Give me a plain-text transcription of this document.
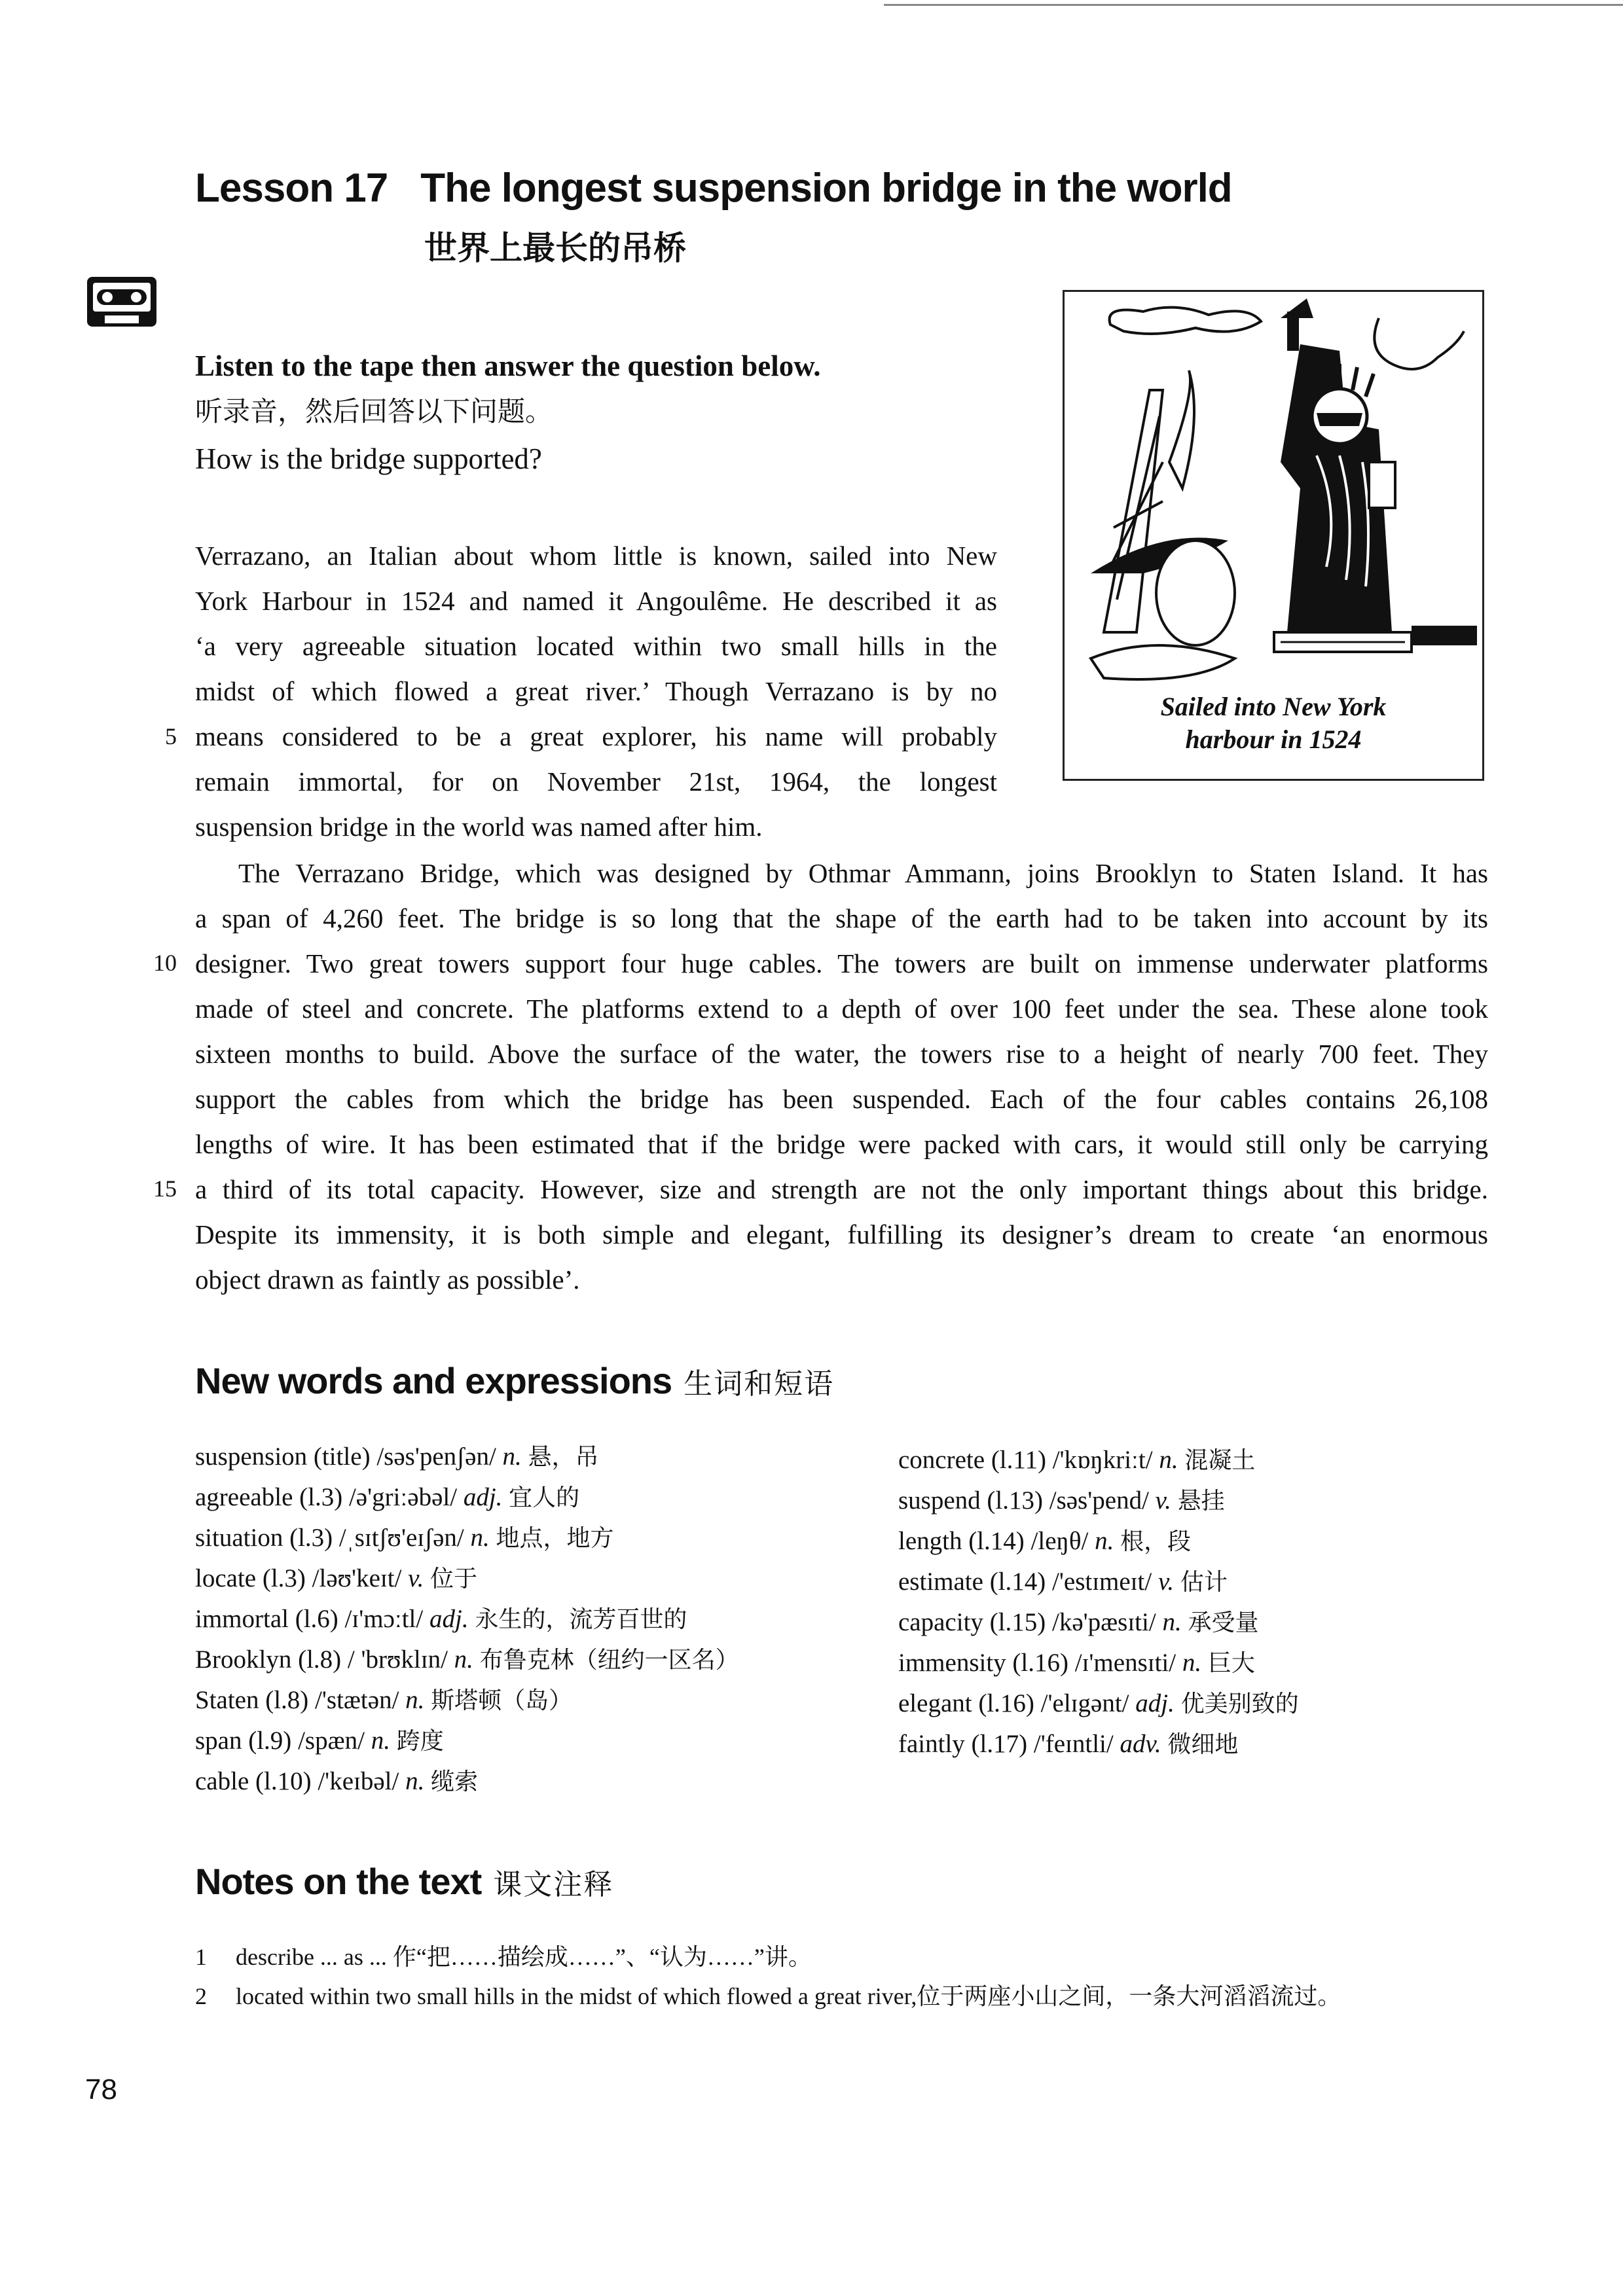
Lesson 17 The longest suspension bridge in the world
世界上最长的吊桥
Listen to the tape then answer the question below.
听录音，然后回答以下问题。
How is the bridge supported?
Sailed into New York
harbour in 1524
Verrazano, an Italian about whom little is known, sailed into New
York Harbour in 1524 and named it Angoulême. He described it as
‘a very agreeable situation located within two small hills in the
midst of which flowed a great river.’ Though Verrazano is by no
means considered to be a great explorer, his name will probably
remain immortal, for on November 21st, 1964, the longest
suspension bridge in the world was named after him.
The Verrazano Bridge, which was designed by Othmar Ammann, joins Brooklyn to Staten Island. It has
a span of 4,260 feet. The bridge is so long that the shape of the earth had to be taken into account by its
designer. Two great towers support four huge cables. The towers are built on immense underwater platforms
made of steel and concrete. The platforms extend to a depth of over 100 feet under the sea. These alone took
sixteen months to build. Above the surface of the water, the towers rise to a height of nearly 700 feet. They
support the cables from which the bridge has been suspended. Each of the four cables contains 26,108
lengths of wire. It has been estimated that if the bridge were packed with cars, it would still only be carrying
a third of its total capacity. However, size and strength are not the only important things about this bridge.
Despite its immensity, it is both simple and elegant, fulfilling its designer’s dream to create ‘an enormous
object drawn as faintly as possible’.
5
10
15
New words and expressions 生词和短语
suspension (title) /səs'penʃən/ n. 悬，吊
agreeable (l.3) /ə'griːəbəl/ adj. 宜人的
situation (l.3) /ˌsɪtʃʊ'eɪʃən/ n. 地点，地方
locate (l.3) /ləʊ'keɪt/ v. 位于
immortal (l.6) /ɪ'mɔːtl/ adj. 永生的，流芳百世的
Brooklyn (l.8) / 'brʊklɪn/ n. 布鲁克林（纽约一区名）
Staten (l.8) /'stætən/ n. 斯塔顿（岛）
span (l.9) /spæn/ n. 跨度
cable (l.10) /'keɪbəl/ n. 缆索
concrete (l.11) /'kɒŋkriːt/ n. 混凝土
suspend (l.13) /səs'pend/ v. 悬挂
length (l.14) /leŋθ/ n. 根，段
estimate (l.14) /'estɪmeɪt/ v. 估计
capacity (l.15) /kə'pæsɪti/ n. 承受量
immensity (l.16) /ɪ'mensɪti/ n. 巨大
elegant (l.16) /'elɪgənt/ adj. 优美别致的
faintly (l.17) /'feɪntli/ adv. 微细地
Notes on the text 课文注释
1 describe ... as ... 作“把……描绘成……”、“认为……”讲。
2 located within two small hills in the midst of which flowed a great river,位于两座小山之间，一条大河滔滔流过。
78
